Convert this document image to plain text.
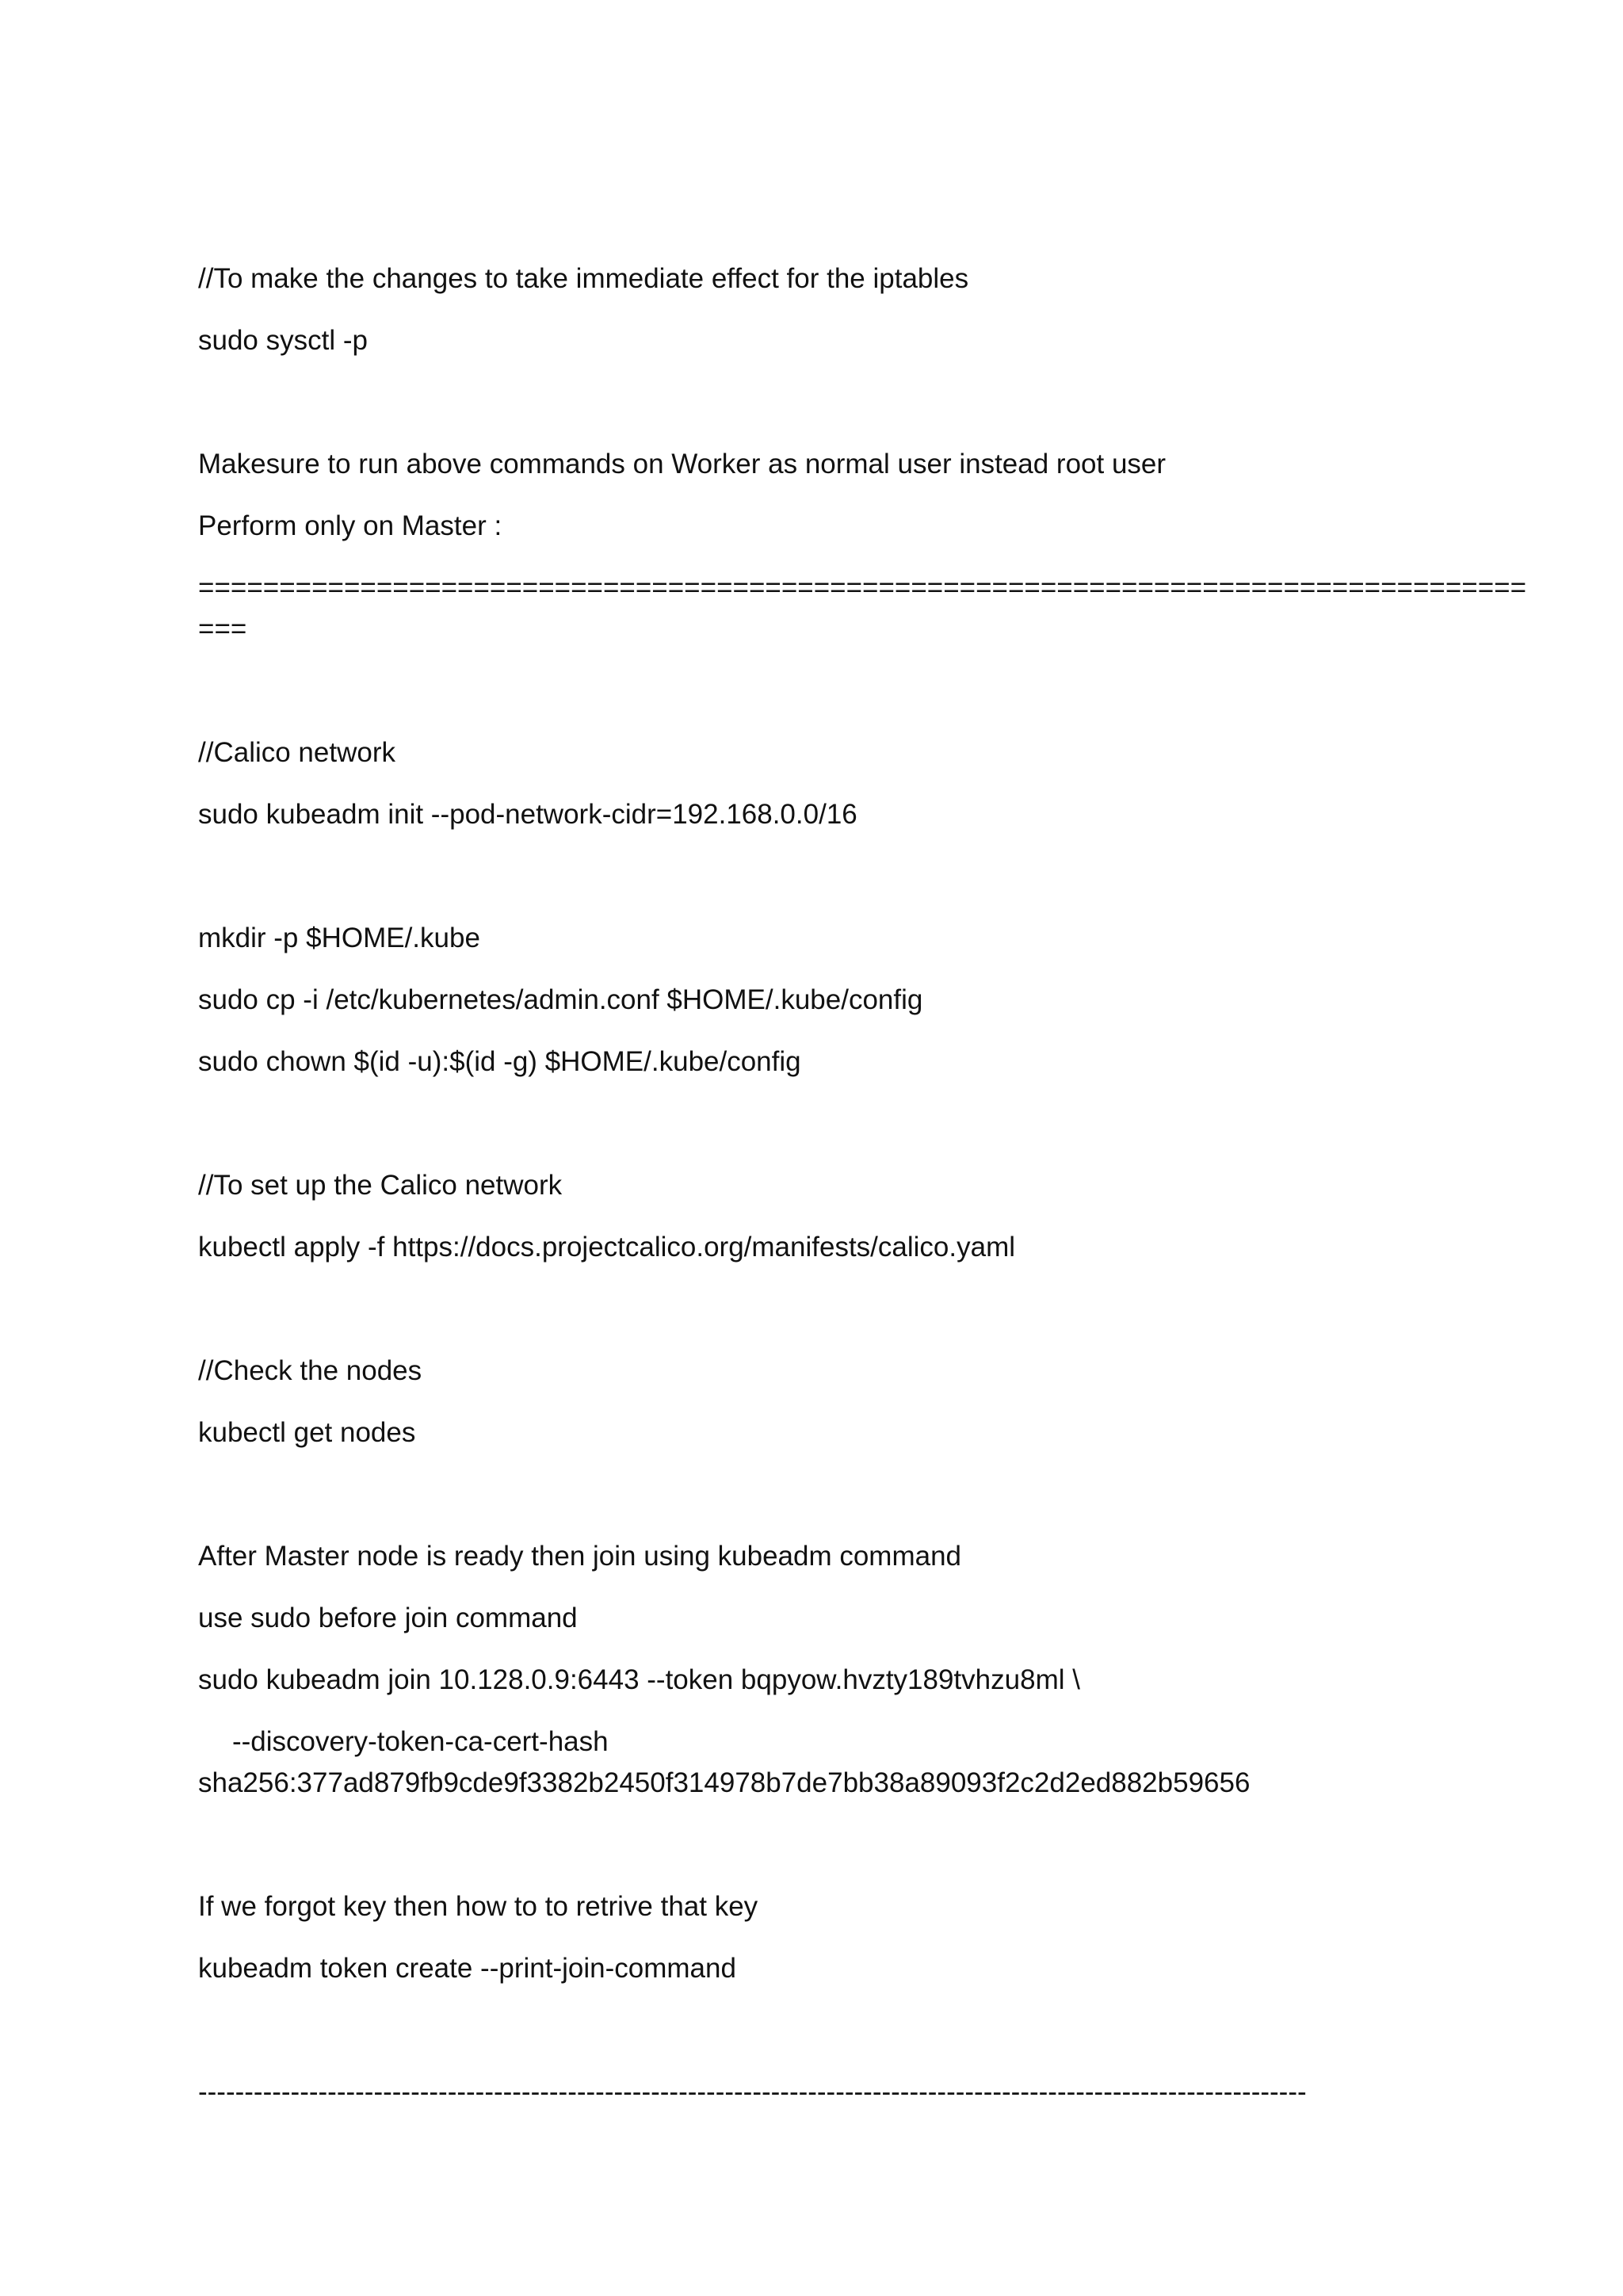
//To make the changes to take immediate effect for the iptables
sudo sysctl -p
Makesure to run above commands on Worker as normal user instead root user
Perform only on Master :
==================================================================================
===
//Calico network
sudo kubeadm init --pod-network-cidr=192.168.0.0/16
mkdir -p $HOME/.kube
sudo cp -i /etc/kubernetes/admin.conf $HOME/.kube/config
sudo chown $(id -u):$(id -g) $HOME/.kube/config
//To set up the Calico network
kubectl apply -f https://docs.projectcalico.org/manifests/calico.yaml
//Check the nodes
kubectl get nodes
After Master node is ready then join using kubeadm command
use sudo before join command
sudo kubeadm join 10.128.0.9:6443 --token bqpyow.hvzty189tvhzu8ml \
--discovery-token-ca-cert-hash
sha256:377ad879fb9cde9f3382b2450f314978b7de7bb38a89093f2c2d2ed882b59656
If we forgot key then how to to retrive that key
kubeadm token create --print-join-command
------------------------------------------------------------------------------------------------------------------------
